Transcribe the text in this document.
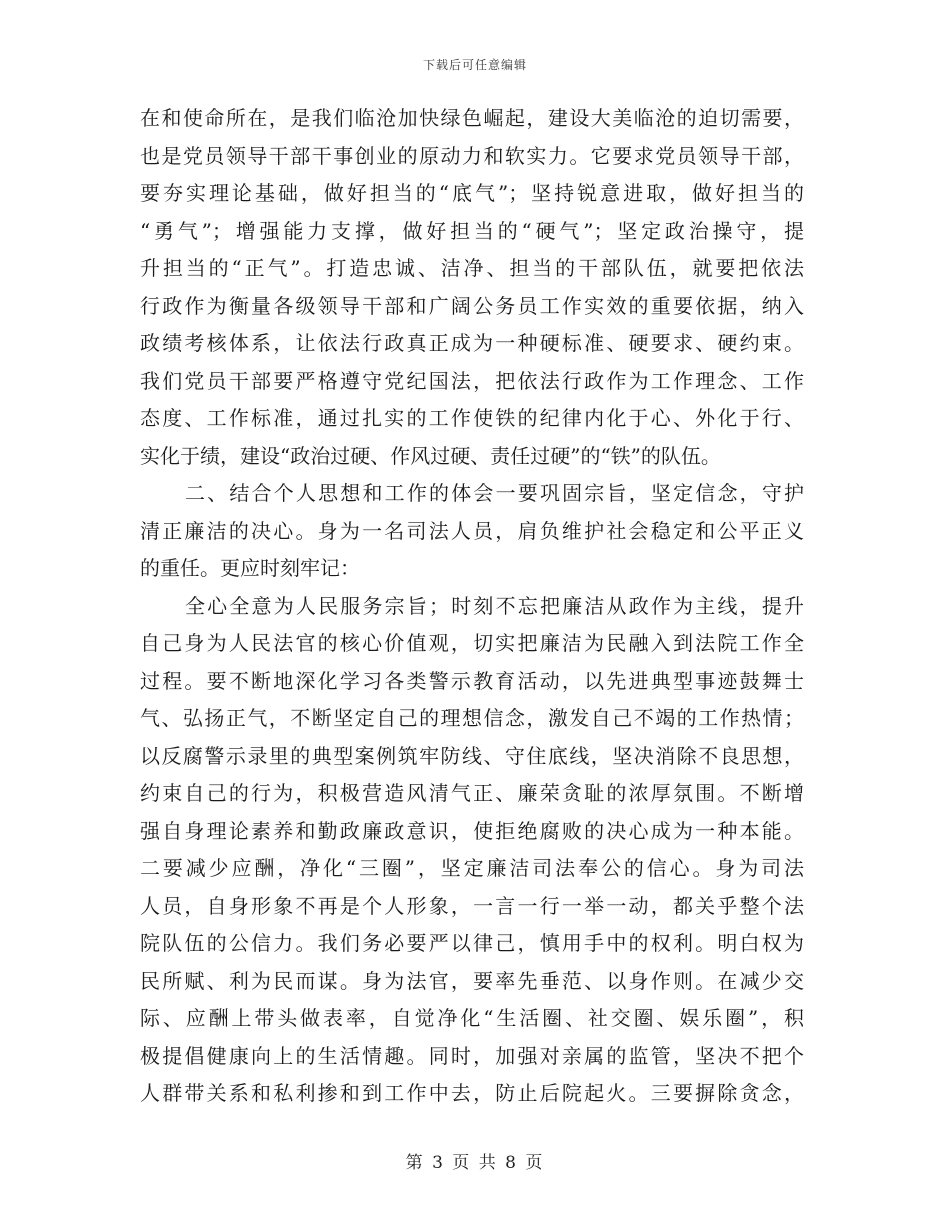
下载后可任意编辑
在和使命所在，是我们临沧加快绿色崛起，建设大美临沧的迫切需要，
也是党员领导干部干事创业的原动力和软实力。它要求党员领导干部，
要夯实理论基础，做好担当的“底气”；坚持锐意进取，做好担当的
“勇气”；增强能力支撑，做好担当的“硬气”；坚定政治操守，提
升担当的“正气”。打造忠诚、洁净、担当的干部队伍，就要把依法
行政作为衡量各级领导干部和广阔公务员工作实效的重要依据，纳入
政绩考核体系，让依法行政真正成为一种硬标准、硬要求、硬约束。
我们党员干部要严格遵守党纪国法，把依法行政作为工作理念、工作
态度、工作标准，通过扎实的工作使铁的纪律内化于心、外化于行、
实化于绩，建设“政治过硬、作风过硬、责任过硬”的“铁”的队伍。
二、结合个人思想和工作的体会一要巩固宗旨，坚定信念，守护
清正廉洁的决心。身为一名司法人员，肩负维护社会稳定和公平正义
的重任。更应时刻牢记：
全心全意为人民服务宗旨；时刻不忘把廉洁从政作为主线，提升
自己身为人民法官的核心价值观，切实把廉洁为民融入到法院工作全
过程。要不断地深化学习各类警示教育活动，以先进典型事迹鼓舞士
气、弘扬正气，不断坚定自己的理想信念，激发自己不竭的工作热情；
以反腐警示录里的典型案例筑牢防线、守住底线，坚决消除不良思想，
约束自己的行为，积极营造风清气正、廉荣贪耻的浓厚氛围。不断增
强自身理论素养和勤政廉政意识，使拒绝腐败的决心成为一种本能。
二要减少应酬，净化“三圈”，坚定廉洁司法奉公的信心。身为司法
人员，自身形象不再是个人形象，一言一行一举一动，都关乎整个法
院队伍的公信力。我们务必要严以律己，慎用手中的权利。明白权为
民所赋、利为民而谋。身为法官，要率先垂范、以身作则。在减少交
际、应酬上带头做表率，自觉净化“生活圈、社交圈、娱乐圈”，积
极提倡健康向上的生活情趣。同时，加强对亲属的监管，坚决不把个
人群带关系和私利掺和到工作中去，防止后院起火。三要摒除贪念，
第 3 页 共 8 页
